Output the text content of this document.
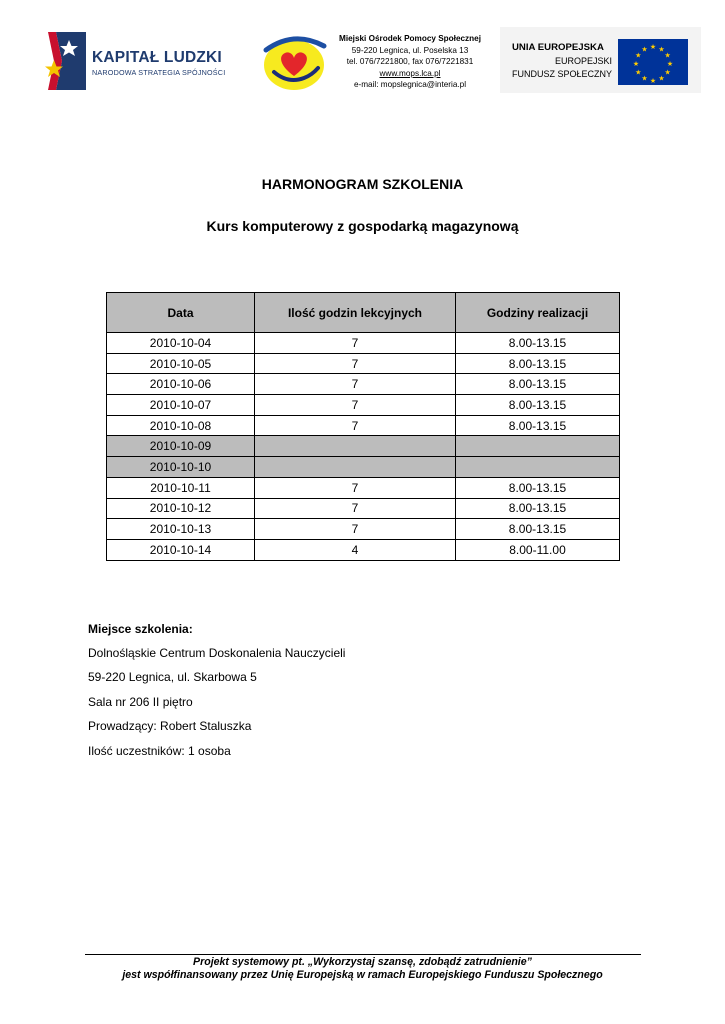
KAPITAŁ LUDZKI
NARODOWA STRATEGIA SPÓJNOŚCI
Miejski Ośrodek Pomocy Społecznej
59-220 Legnica, ul. Poselska 13
tel. 076/7221800, fax 076/7221831
www.mops.lca.pl
e-mail: mopslegnica@interia.pl
UNIA EUROPEJSKA
EUROPEJSKI
FUNDUSZ SPOŁECZNY
★ ★
★
★
★
★
★
★
★
★
★
★
HARMONOGRAM SZKOLENIA
Kurs komputerowy z gospodarką magazynową
Data	Ilość godzin lekcyjnych	Godziny realizacji
2010-10-04	7	8.00-13.15
2010-10-05	7	8.00-13.15
2010-10-06	7	8.00-13.15
2010-10-07	7	8.00-13.15
2010-10-08	7	8.00-13.15
2010-10-09		
2010-10-10		
2010-10-11	7	8.00-13.15
2010-10-12	7	8.00-13.15
2010-10-13	7	8.00-13.15
2010-10-14	4	8.00-11.00
Miejsce szkolenia:
Dolnośląskie Centrum Doskonalenia Nauczycieli
59-220 Legnica, ul. Skarbowa 5
Sala nr 206 II piętro
Prowadzący: Robert Staluszka
Ilość uczestników: 1 osoba
Projekt systemowy pt. „Wykorzystaj szansę, zdobądź zatrudnienie”
jest współfinansowany przez Unię Europejską w ramach Europejskiego Funduszu Społecznego
